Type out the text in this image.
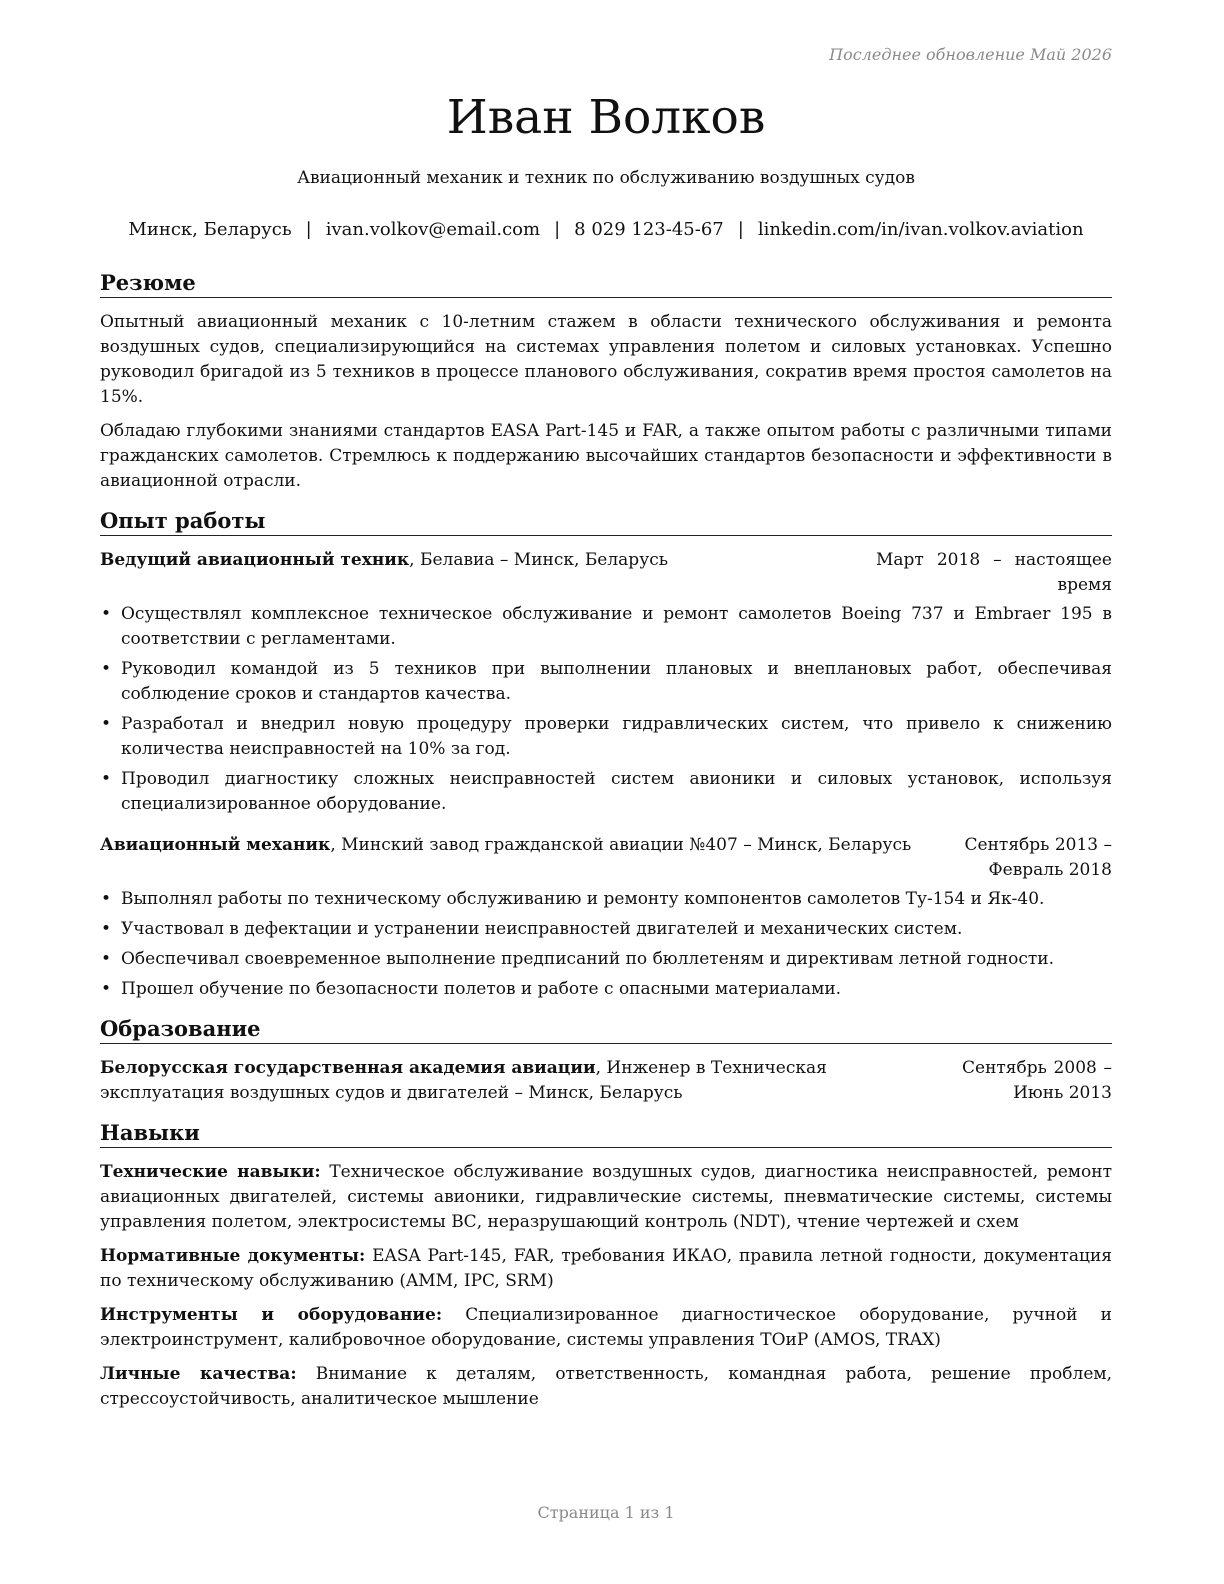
Последнее обновление Май 2026
Иван Волков
Авиационный механик и техник по обслуживанию воздушных судов
Минск, Беларусь | ivan.volkov@email.com | 8 029 123-45-67 | linkedin.com/in/ivan.volkov.aviation
Резюме

Опытный авиационный механик с 10-летним стажем в области технического обслуживания и ремонта воздушных судов, специализирующийся на системах управления полетом и силовых установках. Успешно руководил бригадой из 5 техников в процессе планового обслуживания, сократив время простоя самолетов на 15%.

Обладаю глубокими знаниями стандартов EASA Part-145 и FAR, а также опытом работы с различными типами гражданских самолетов. Стремлюсь к поддержанию высочайших стандартов безопасности и эффективности в авиационной отрасли.

Опыт работы
Ведущий авиационный техник, Белавиа – Минск, Беларусь	Март 2018 – настоящее время
• Осуществлял комплексное техническое обслуживание и ремонт самолетов Boeing 737 и Embraer 195 в соответствии с регламентами.
• Руководил командой из 5 техников при выполнении плановых и внеплановых работ, обеспечивая соблюдение сроков и стандартов качества.
• Разработал и внедрил новую процедуру проверки гидравлических систем, что привело к снижению количества неисправностей на 10% за год.
• Проводил диагностику сложных неисправностей систем авионики и силовых установок, используя специализированное оборудование.
Авиационный механик, Минский завод гражданской авиации №407 – Минск, Беларусь	Сентябрь 2013 – Февраль 2018
• Выполнял работы по техническому обслуживанию и ремонту компонентов самолетов Ту-154 и Як-40.
• Участвовал в дефектации и устранении неисправностей двигателей и механических систем.
• Обеспечивал своевременное выполнение предписаний по бюллетеням и директивам летной годности.
• Прошел обучение по безопасности полетов и работе с опасными материалами.
Образование
Белорусская государственная академия авиации, Инженер в Техническая эксплуатация воздушных судов и двигателей – Минск, Беларусь
Сентябрь 2008 – Июнь 2013
Навыки

Технические навыки: Техническое обслуживание воздушных судов, диагностика неисправностей, ремонт авиационных двигателей, системы авионики, гидравлические системы, пневматические системы, системы управления полетом, электросистемы ВС, неразрушающий контроль (NDT), чтение чертежей и схем

Нормативные документы: EASA Part-145, FAR, требования ИКАО, правила летной годности, документация по техническому обслуживанию (AMM, IPC, SRM)

Инструменты и оборудование: Специализированное диагностическое оборудование, ручной и электроинструмент, калибровочное оборудование, системы управления ТОиР (AMOS, TRAX)

Личные качества: Внимание к деталям, ответственность, командная работа, решение проблем, стрессоустойчивость, аналитическое мышление

Страница 1 из 1
